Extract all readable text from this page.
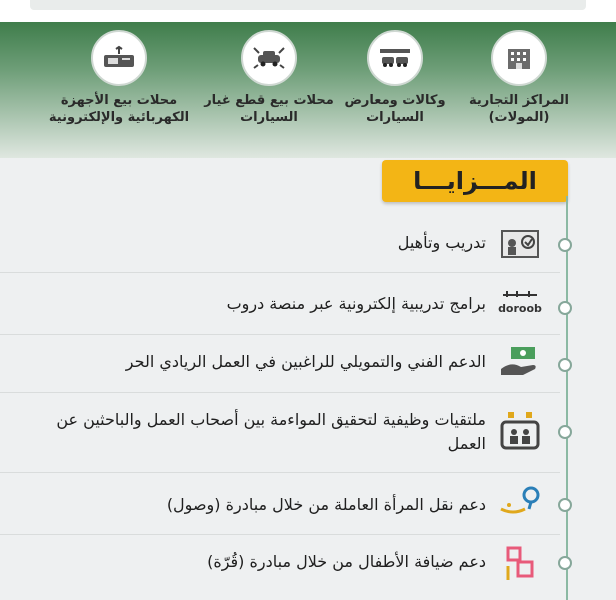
المراكز التجارية (المولات)
وكالات ومعارض السيارات
محلات بيع قطع غيار السيارات
محلات بيع الأجهزة الكهربائية والإلكترونية
المـــزايـــا
تدريب وتأهيل
doroob
برامج تدريبية إلكترونية عبر منصة دروب
الدعم الفني والتمويلي للراغبين في العمل الريادي الحر
ملتقيات وظيفية لتحقيق المواءمة بين أصحاب العمل والباحثين عن العمل
دعم نقل المرأة العاملة من خلال مبادرة (وصول)
دعم ضيافة الأطفال من خلال مبادرة (قُرّة)
